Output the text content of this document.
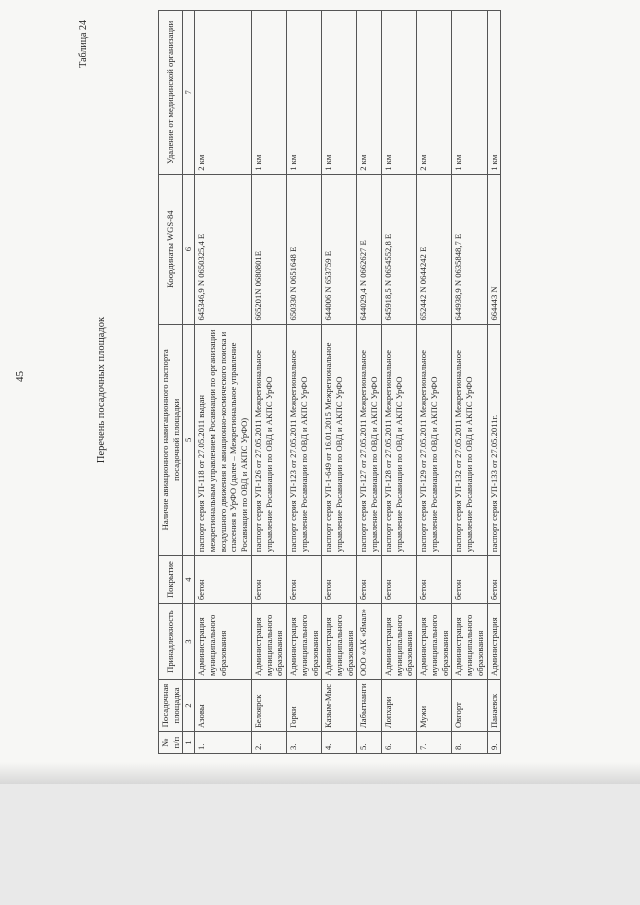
45
Таблица 24
Перечень посадочных площадок
№ п/п	Посадочная площадка	Принадлежность	Покрытие	Наличие авиационного навигационного паспорта посадочной площадки	Координаты WGS-84	Удаление от медицинской организации
1	2	3	4	5	6	7
1.	Азовы	Администрация муниципального образования	бетон	паспорт серия УП-118 от 27.05.2011 выдан межрегиональным управлением Росавиации по организации воздушного движения и авиационно-космического поиска и спасения в УрФО (далее – Межрегиональное управление Росавиации по ОВД и АКПС УрФО)	645346,9 N 0650325,4 E	2 км
2.	Белоярск	Администрация муниципального образования	бетон	паспорт серия УП-126 от 27.05.2011 Межрегиональное управление Росавиации по ОВД и АКПС УрФО	665201N 0680801E	1 км
3.	Горки	Администрация муниципального образования	бетон	паспорт серия УП-123 от 27.05.2011 Межрегиональное управление Росавиации по ОВД и АКПС УрФО	650330 N 0651648 E	1 км
4.	Казым-Мыс	Администрация муниципального образования	бетон	паспорт серия УП-1-649 от 16.01.2015 Межрегиональное управление Росавиации по ОВД и АКПС УрФО	644006 N 653759 E	1 км
5.	Лабытнанги	ООО «АК «Ямал»	бетон	паспорт серия УП-127 от 27.05.2011 Межрегиональное управление Росавиации по ОВД и АКПС УрФО	644029,4 N 0662627 E	2 км
6.	Лопхари	Администрация муниципального образования	бетон	паспорт серия УП-128 от 27.05.2011 Межрегиональное управление Росавиации по ОВД и АКПС УрФО	645918,5 N 0654552,8 E	1 км
7.	Мужи	Администрация муниципального образования	бетон	паспорт серия УП-129 от 27.05.2011 Межрегиональное управление Росавиации по ОВД и АКПС УрФО	652442 N 0644242 E	2 км
8.	Овгорт	Администрация муниципального образования	бетон	паспорт серия УП-132 от 27.05.2011 Межрегиональное управление Росавиации по ОВД и АКПС УрФО	644938,9 N 0635848,7 E	1 км
9.	Панаевск	Администрация	бетон	паспорт серия УП-133 от 27.05.2011г.	664443 N	1 км
